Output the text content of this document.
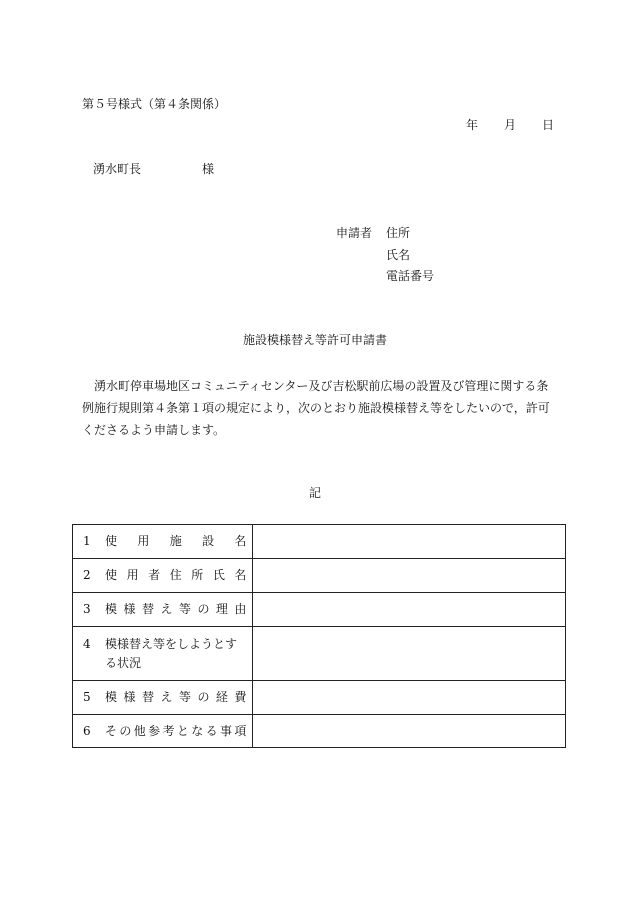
第５号様式（第４条関係）
年 月 日
湧水町長	様
申請者 住所
氏名
電話番号
施設模様替え等許可申請書
湧水町停車場地区コミュニティセンター及び吉松駅前広場の設置及び管理に関する条例施行規則第４条第１項の規定により，次のとおり施設模様替え等をしたいので，許可くださるよう申請します。
記
1 使　用　施　設　名	

2 使用者住所氏名	

3 模様替え等の理由	

4 模様替え等をしようとする状況	

5 模様替え等の経費	

6 その他参考となる事項	
